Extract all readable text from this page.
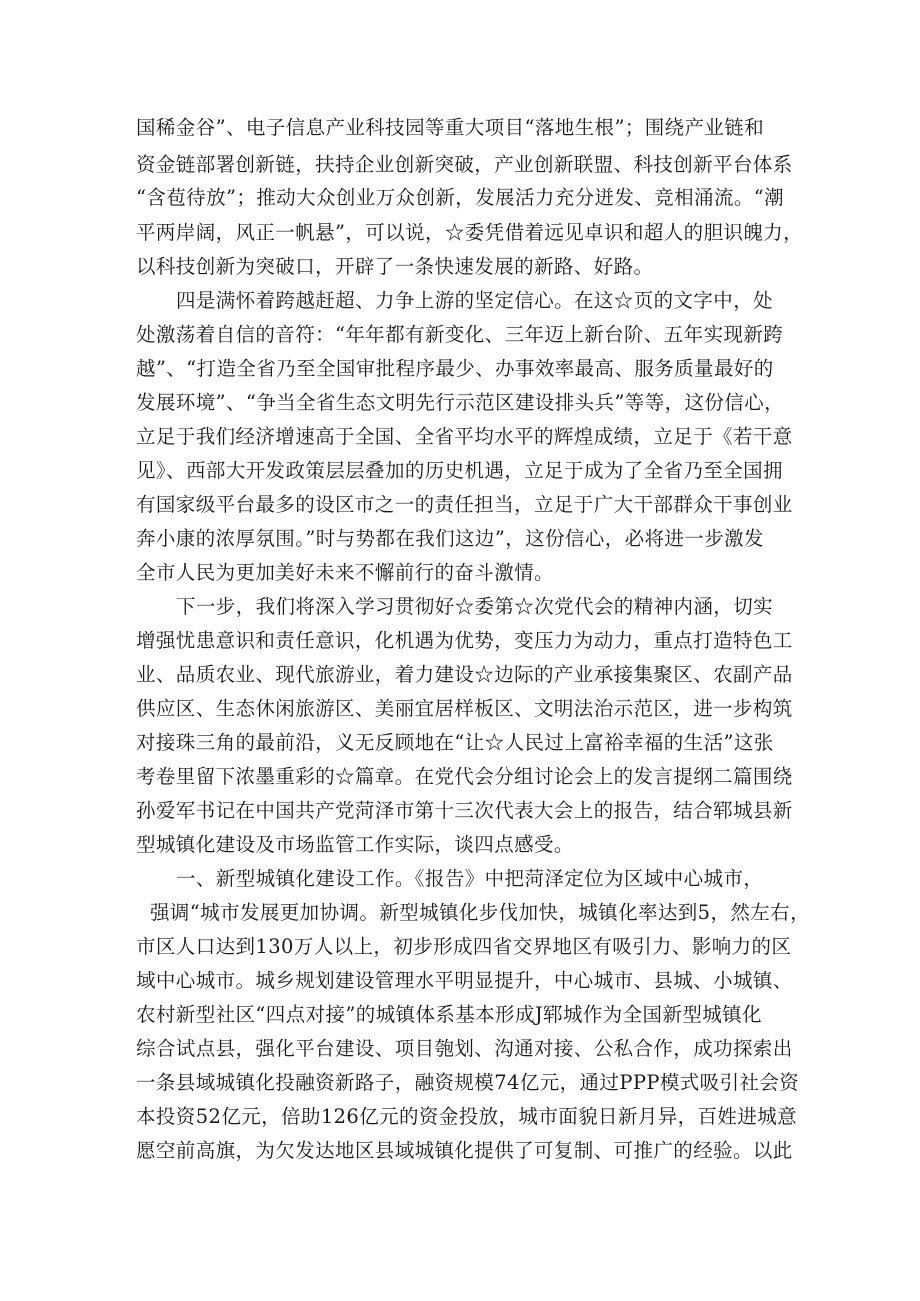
国稀金谷”、电子信息产业科技园等重大项目“落地生根”；围绕产业链和
资金链部署创新链，扶持企业创新突破，产业创新联盟、科技创新平台体系
“含苞待放”；推动大众创业万众创新，发展活力充分迸发、竞相涌流。“潮
平两岸阔，风正一帆悬”，可以说，☆委凭借着远见卓识和超人的胆识魄力，
以科技创新为突破口，开辟了一条快速发展的新路、好路。
四是满怀着跨越赶超、力争上游的坚定信心。在这☆页的文字中，处
处激荡着自信的音符：“年年都有新变化、三年迈上新台阶、五年实现新跨
越”、“打造全省乃至全国审批程序最少、办事效率最高、服务质量最好的
发展环境”、“争当全省生态文明先行示范区建设排头兵”等等，这份信心，
立足于我们经济增速高于全国、全省平均水平的辉煌成绩，立足于《若干意
见》、西部大开发政策层层叠加的历史机遇，立足于成为了全省乃至全国拥
有国家级平台最多的设区市之一的责任担当，立足于广大干部群众干事创业
奔小康的浓厚氛围。”时与势都在我们这边”，这份信心，必将进一步激发
全市人民为更加美好未来不懈前行的奋斗激情。
下一步，我们将深入学习贯彻好☆委第☆次党代会的精神内涵，切实
增强忧患意识和责任意识，化机遇为优势，变压力为动力，重点打造特色工
业、品质农业、现代旅游业，着力建设☆边际的产业承接集聚区、农副产品
供应区、生态休闲旅游区、美丽宜居样板区、文明法治示范区，进一步构筑
对接珠三角的最前沿，义无反顾地在“让☆人民过上富裕幸福的生活”这张
考卷里留下浓墨重彩的☆篇章。在党代会分组讨论会上的发言提纲二篇围绕
孙爱军书记在中国共产党菏泽市第十三次代表大会上的报告，结合郓城县新
型城镇化建设及市场监管工作实际，谈四点感受。
一、新型城镇化建设工作。《报告》中把菏泽定位为区域中心城市，
强调“城市发展更加协调。新型城镇化步伐加快，城镇化率达到5，然左右，
市区人口达到130万人以上，初步形成四省交界地区有吸引力、影响力的区
域中心城市。城乡规划建设管理水平明显提升，中心城市、县城、小城镇、
农村新型社区“四点对接”的城镇体系基本形成J郓城作为全国新型城镇化
综合试点县，强化平台建设、项目匏划、沟通对接、公私合作，成功探索出
一条县域城镇化投融资新路子，融资规模74亿元，通过PPP模式吸引社会资
本投资52亿元，倍助126亿元的资金投放，城市面貌日新月异，百姓进城意
愿空前高旗，为欠发达地区县域城镇化提供了可复制、可推广的经验。以此
